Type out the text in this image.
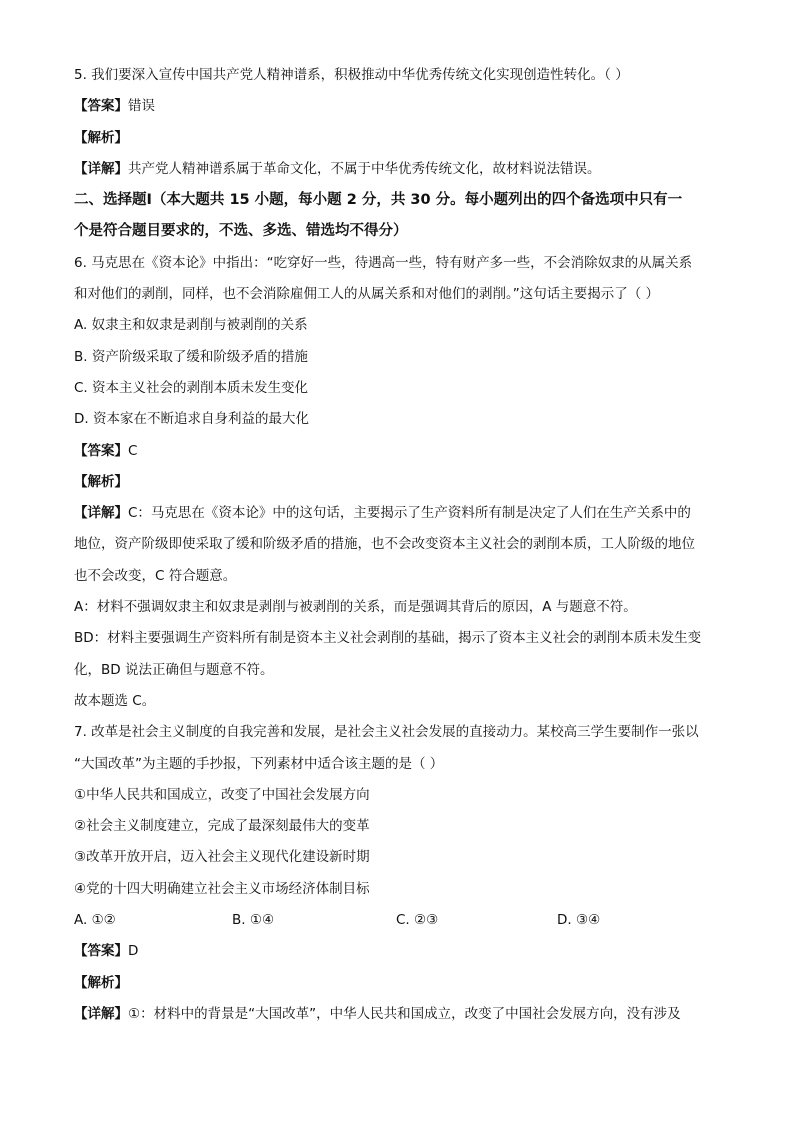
5. 我们要深入宣传中国共产党人精神谱系，积极推动中华优秀传统文化实现创造性转化。（ ）
【答案】错误
【解析】
【详解】共产党人精神谱系属于革命文化，不属于中华优秀传统文化，故材料说法错误。
二、选择题Ⅰ（本大题共 15 小题，每小题 2 分，共 30 分。每小题列出的四个备选项中只有一
个是符合题目要求的，不选、多选、错选均不得分）
6. 马克思在《资本论》中指出：“吃穿好一些，待遇高一些，特有财产多一些，不会消除奴隶的从属关系
和对他们的剥削，同样，也不会消除雇佣工人的从属关系和对他们的剥削。”这句话主要揭示了（ ）
A. 奴隶主和奴隶是剥削与被剥削的关系
B. 资产阶级采取了缓和阶级矛盾的措施
C. 资本主义社会的剥削本质未发生变化
D. 资本家在不断追求自身利益的最大化
【答案】C
【解析】
【详解】C：马克思在《资本论》中的这句话，主要揭示了生产资料所有制是决定了人们在生产关系中的
地位，资产阶级即使采取了缓和阶级矛盾的措施，也不会改变资本主义社会的剥削本质，工人阶级的地位
也不会改变，C 符合题意。
A：材料不强调奴隶主和奴隶是剥削与被剥削的关系，而是强调其背后的原因，A 与题意不符。
BD：材料主要强调生产资料所有制是资本主义社会剥削的基础，揭示了资本主义社会的剥削本质未发生变
化，BD 说法正确但与题意不符。
故本题选 C。
7. 改革是社会主义制度的自我完善和发展，是社会主义社会发展的直接动力。某校高三学生要制作一张以
“大国改革”为主题的手抄报，下列素材中适合该主题的是（ ）
①中华人民共和国成立，改变了中国社会发展方向
②社会主义制度建立，完成了最深刻最伟大的变革
③改革开放开启，迈入社会主义现代化建设新时期
④党的十四大明确建立社会主义市场经济体制目标
A. ①②	B. ①④	C. ②③	D. ③④
【答案】D
【解析】
【详解】①：材料中的背景是“大国改革”，中华人民共和国成立，改变了中国社会发展方向，没有涉及
